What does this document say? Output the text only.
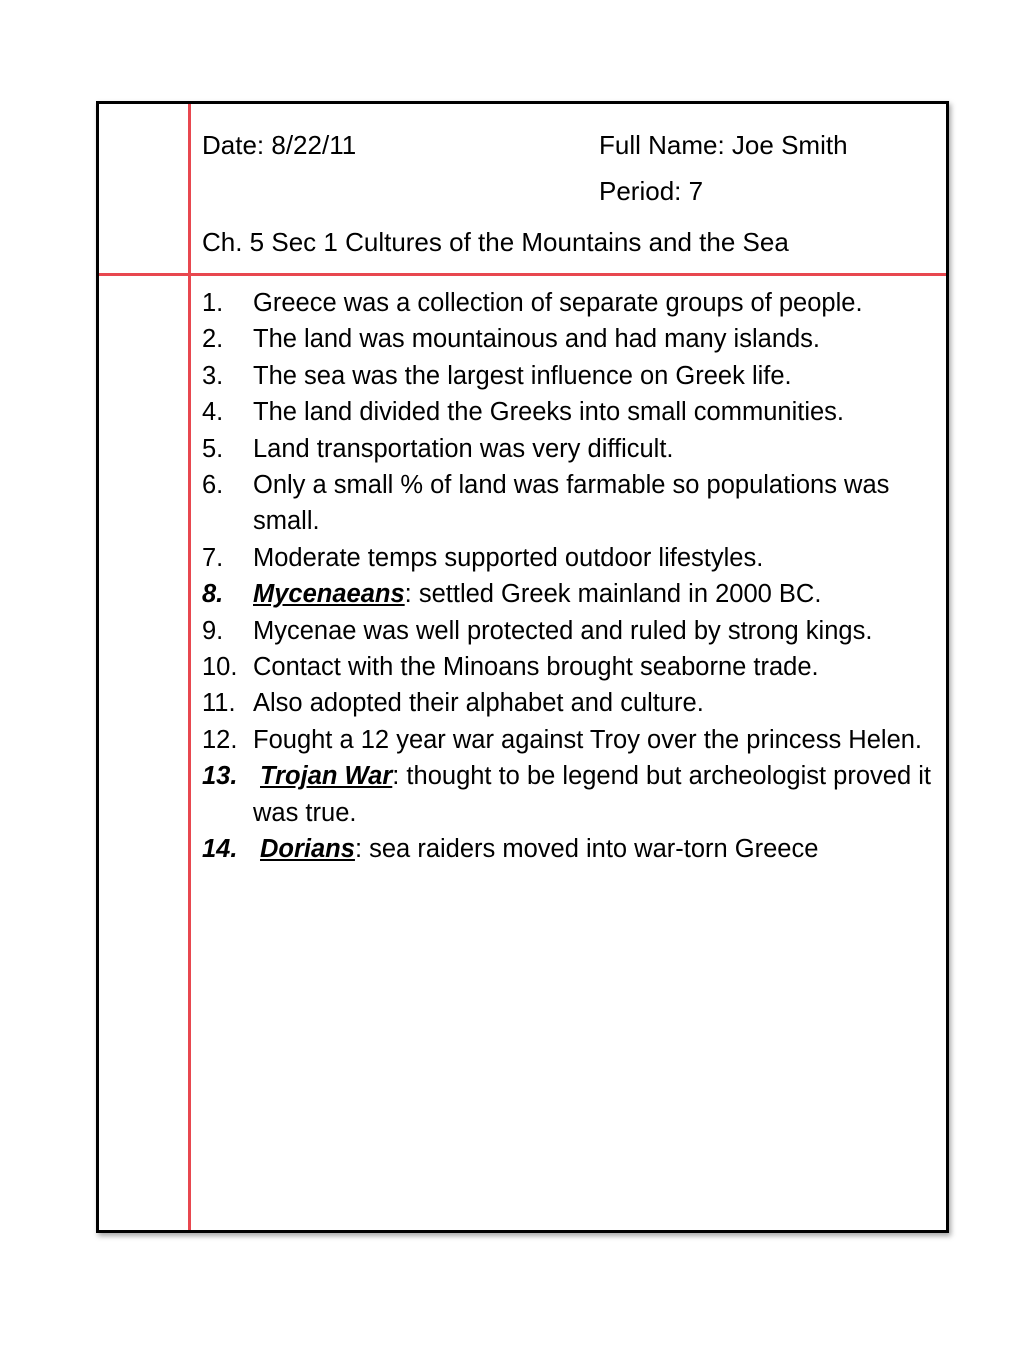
Date: 8/22/11	Full Name: Joe Smith
Period: 7
Ch. 5 Sec 1 Cultures of the Mountains and the Sea
1.	Greece was a collection of separate groups of people.
2.	The land was mountainous and had many islands.
3.	The sea was the largest influence on Greek life.
4.	The land divided the Greeks into small communities.
5.	Land transportation was very difficult.
6.	Only a small % of land was farmable so populations was small.
7.	Moderate temps supported outdoor lifestyles.
8.	Mycenaeans: settled Greek mainland in 2000 BC.
9.	Mycenae was well protected and ruled by strong kings.
10. Contact with the Minoans brought seaborne trade.
11. Also adopted their alphabet and culture.
12. Fought a 12 year war against Troy over the princess Helen.
13. Trojan War: thought to be legend but archeologist proved it was true.
14. Dorians: sea raiders moved into war-torn Greece
